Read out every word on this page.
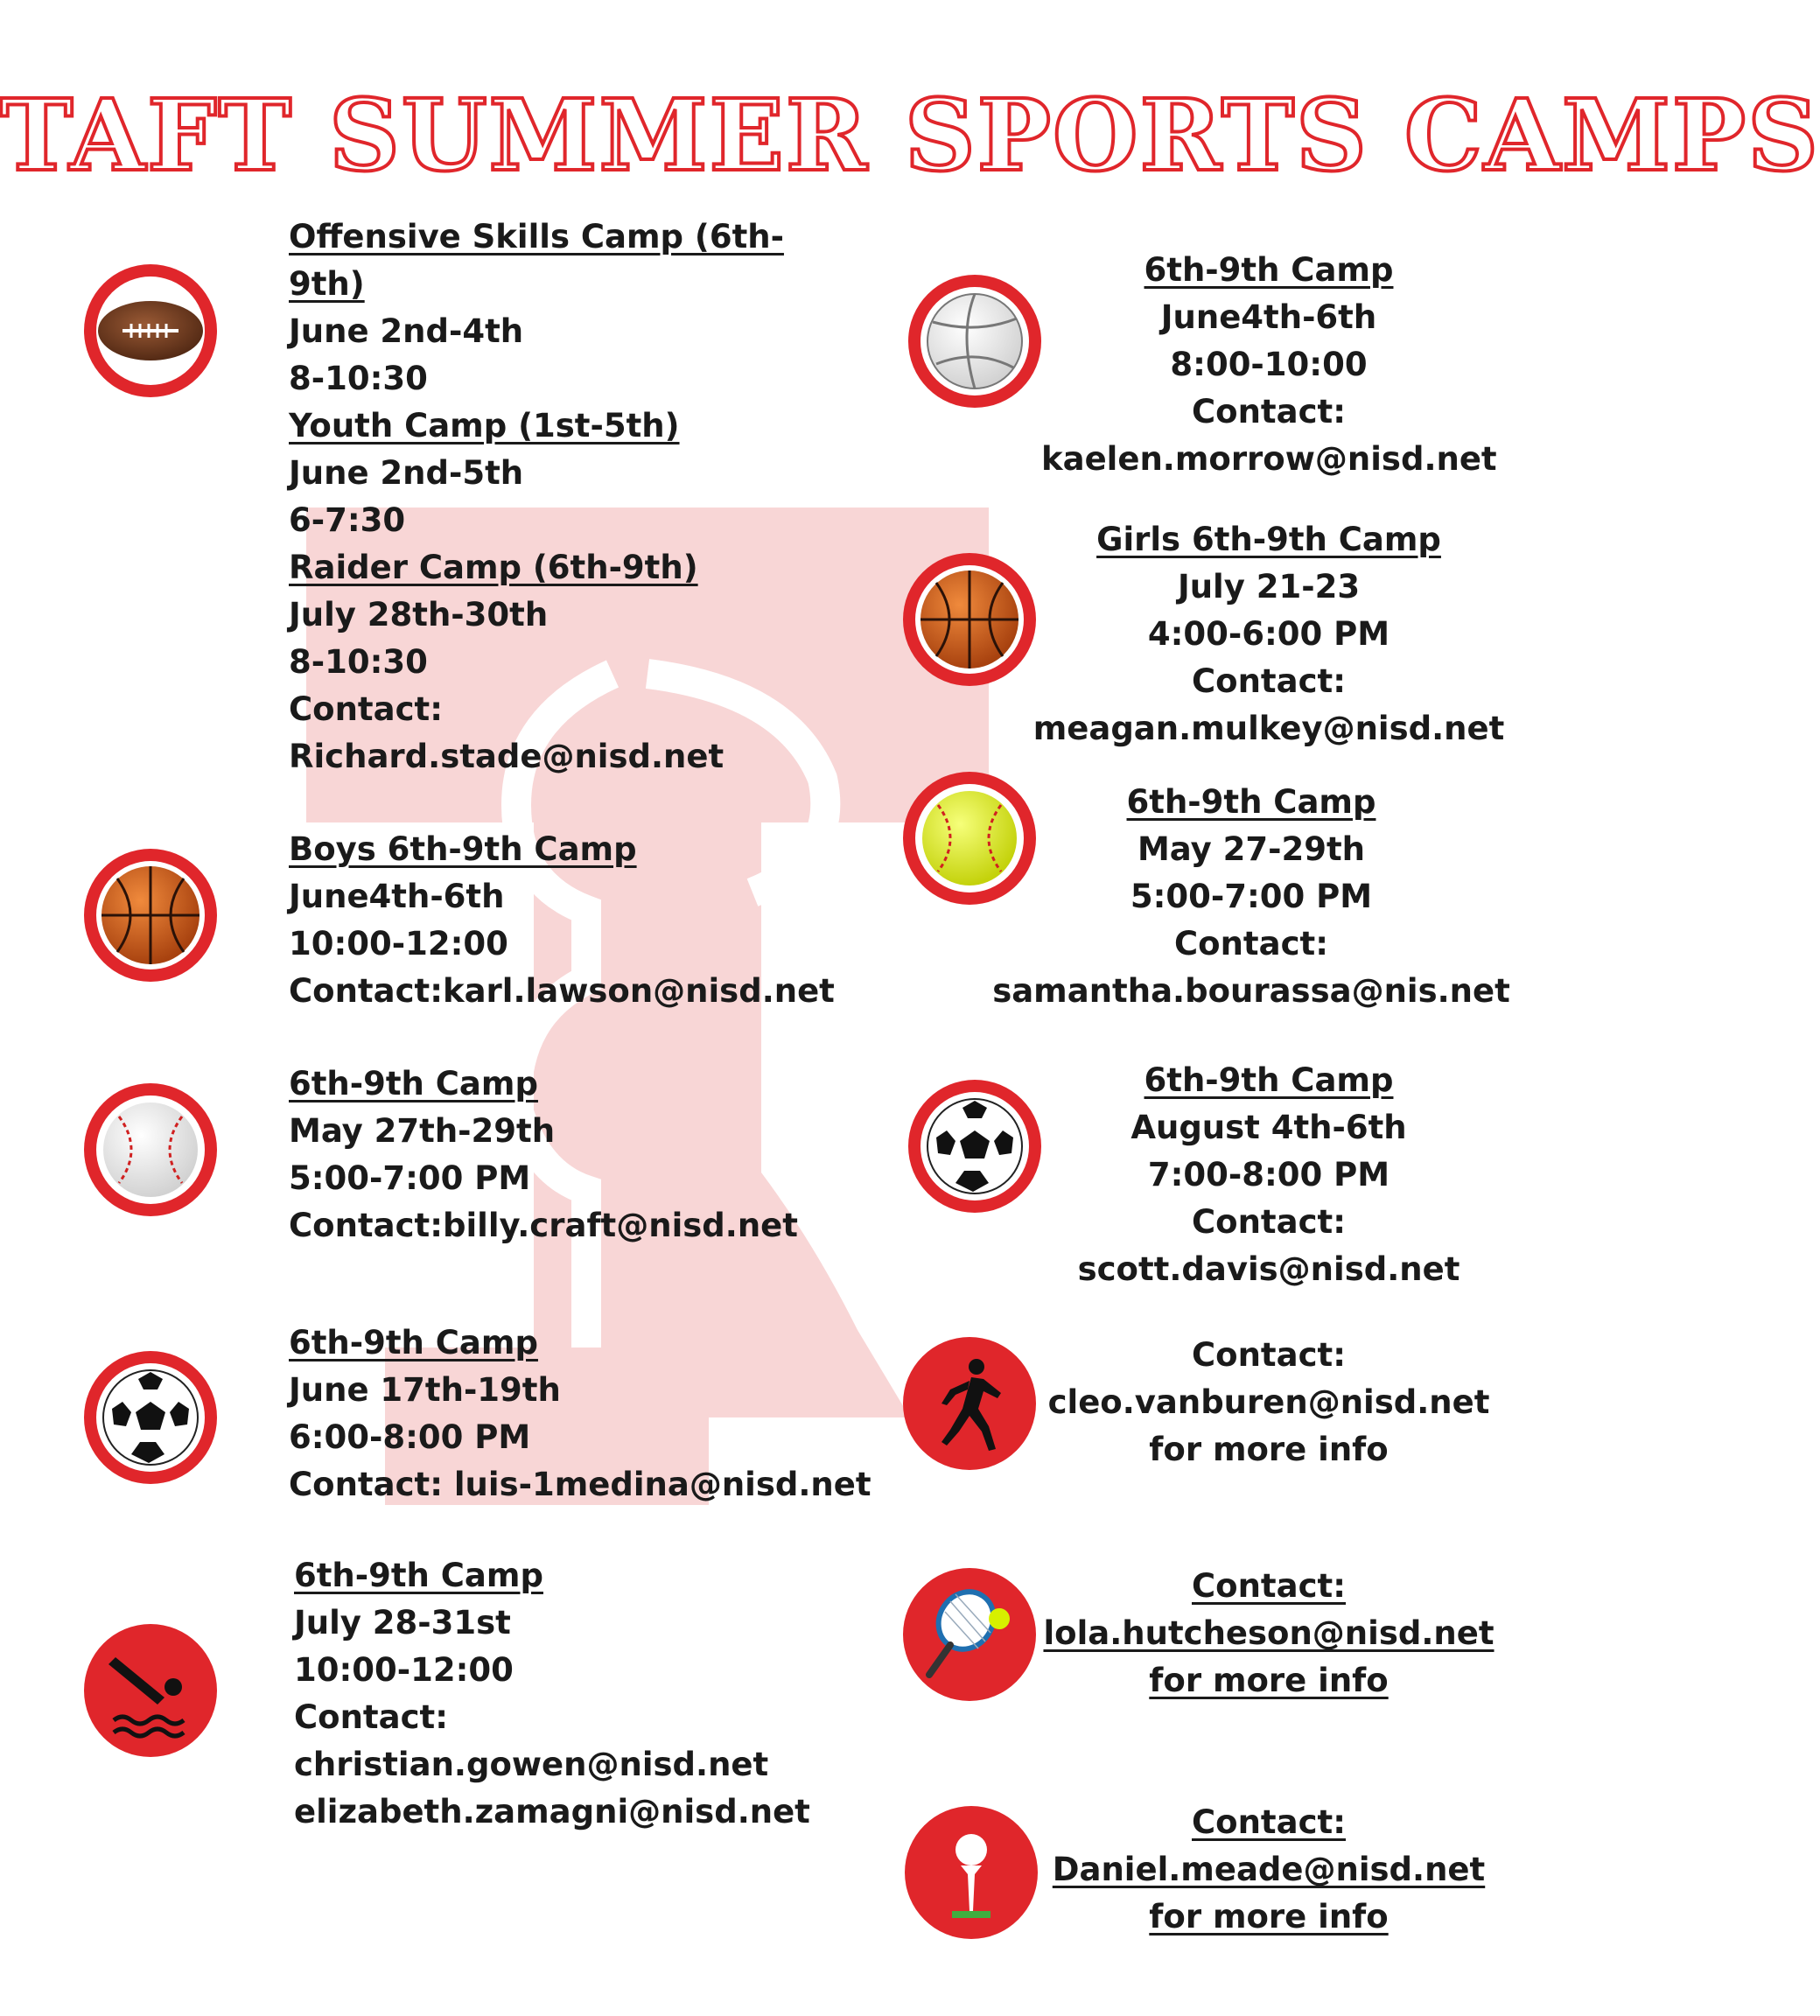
TAFT SUMMER SPORTS CAMPS
Offensive Skills Camp (6th-
9th)
June 2nd-4th
8-10:30
Youth Camp (1st-5th)
June 2nd-5th
6-7:30
Raider Camp (6th-9th)
July 28th-30th
8-10:30
Contact:
Richard.stade@nisd.net
Boys 6th-9th Camp
June4th-6th
10:00-12:00
Contact:karl.lawson@nisd.net
6th-9th Camp
May 27th-29th
5:00-7:00 PM
Contact:billy.craft@nisd.net
6th-9th Camp
June 17th-19th
6:00-8:00 PM
Contact: luis-1medina@nisd.net
6th-9th Camp
July 28-31st
10:00-12:00
Contact:
christian.gowen@nisd.net
elizabeth.zamagni@nisd.net
6th-9th Camp
June4th-6th
8:00-10:00
Contact:
kaelen.morrow@nisd.net
Girls 6th-9th Camp
July 21-23
4:00-6:00 PM
Contact:
meagan.mulkey@nisd.net
6th-9th Camp
May 27-29th
5:00-7:00 PM
Contact:
samantha.bourassa@nis.net
6th-9th Camp
August 4th-6th
7:00-8:00 PM
Contact:
scott.davis@nisd.net
Contact:
cleo.vanburen@nisd.net
for more info
Contact:
lola.hutcheson@nisd.net
for more info
Contact:
Daniel.meade@nisd.net
for more info
